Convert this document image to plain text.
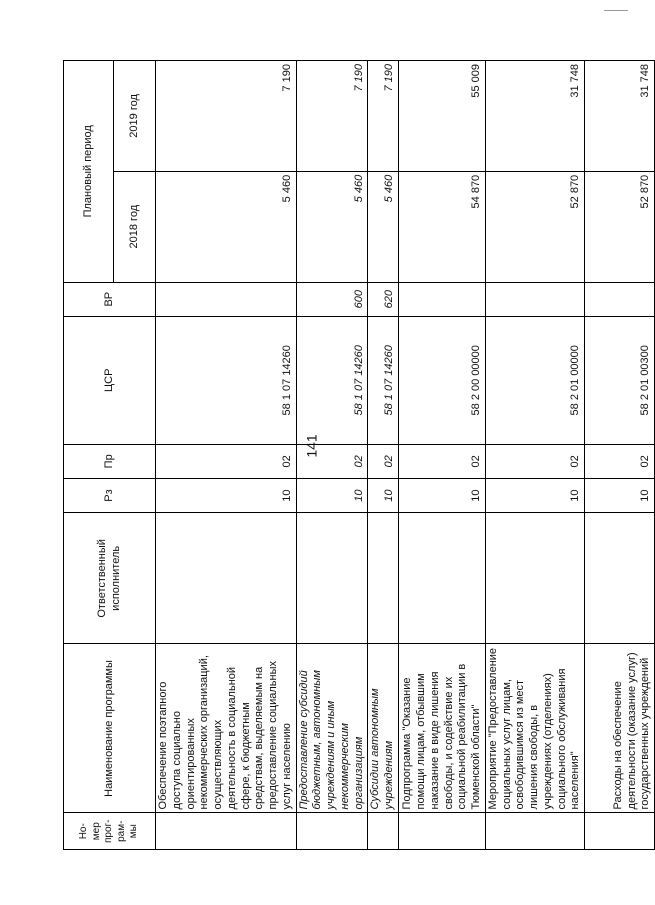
141
Но-
мер
прог-
рам-
мы	Наименование программы	Ответственный исполнитель	Рз	Пр	ЦСР	ВР	Плановый период	
							2018 год	2019 год
	Обеспечение поэтапного доступа социально ориентированных некоммерческих организаций, осуществляющих деятельность в социальной сфере, к бюджетным средствам, выделяемым на предоставление социальных услуг населению		10	02	58 1 07 14260		5 460	7 190
	Предоставление субсидий бюджетным, автономным учреждениям и иным некоммерческим организациям		10	02	58 1 07 14260	600	5 460	7 190
	Субсидии автономным учреждениям		10	02	58 1 07 14260	620	5 460	7 190
	Подпрограмма "Оказание помощи лицам, отбывшим наказание в виде лишения свободы, и содействие их социальной реабилитации в Тюменской области"		10	02	58 2 00 00000		54 870	55 009
	Мероприятие "Предоставление социальных услуг лицам, освободившимся из мест лишения свободы, в учреждениях (отделениях) социального обслуживания населения"		10	02	58 2 01 00000		52 870	31 748
	Расходы на обеспечение деятельности (оказание услуг) государственных учреждений		10	02	58 2 01 00300		52 870	31 748
